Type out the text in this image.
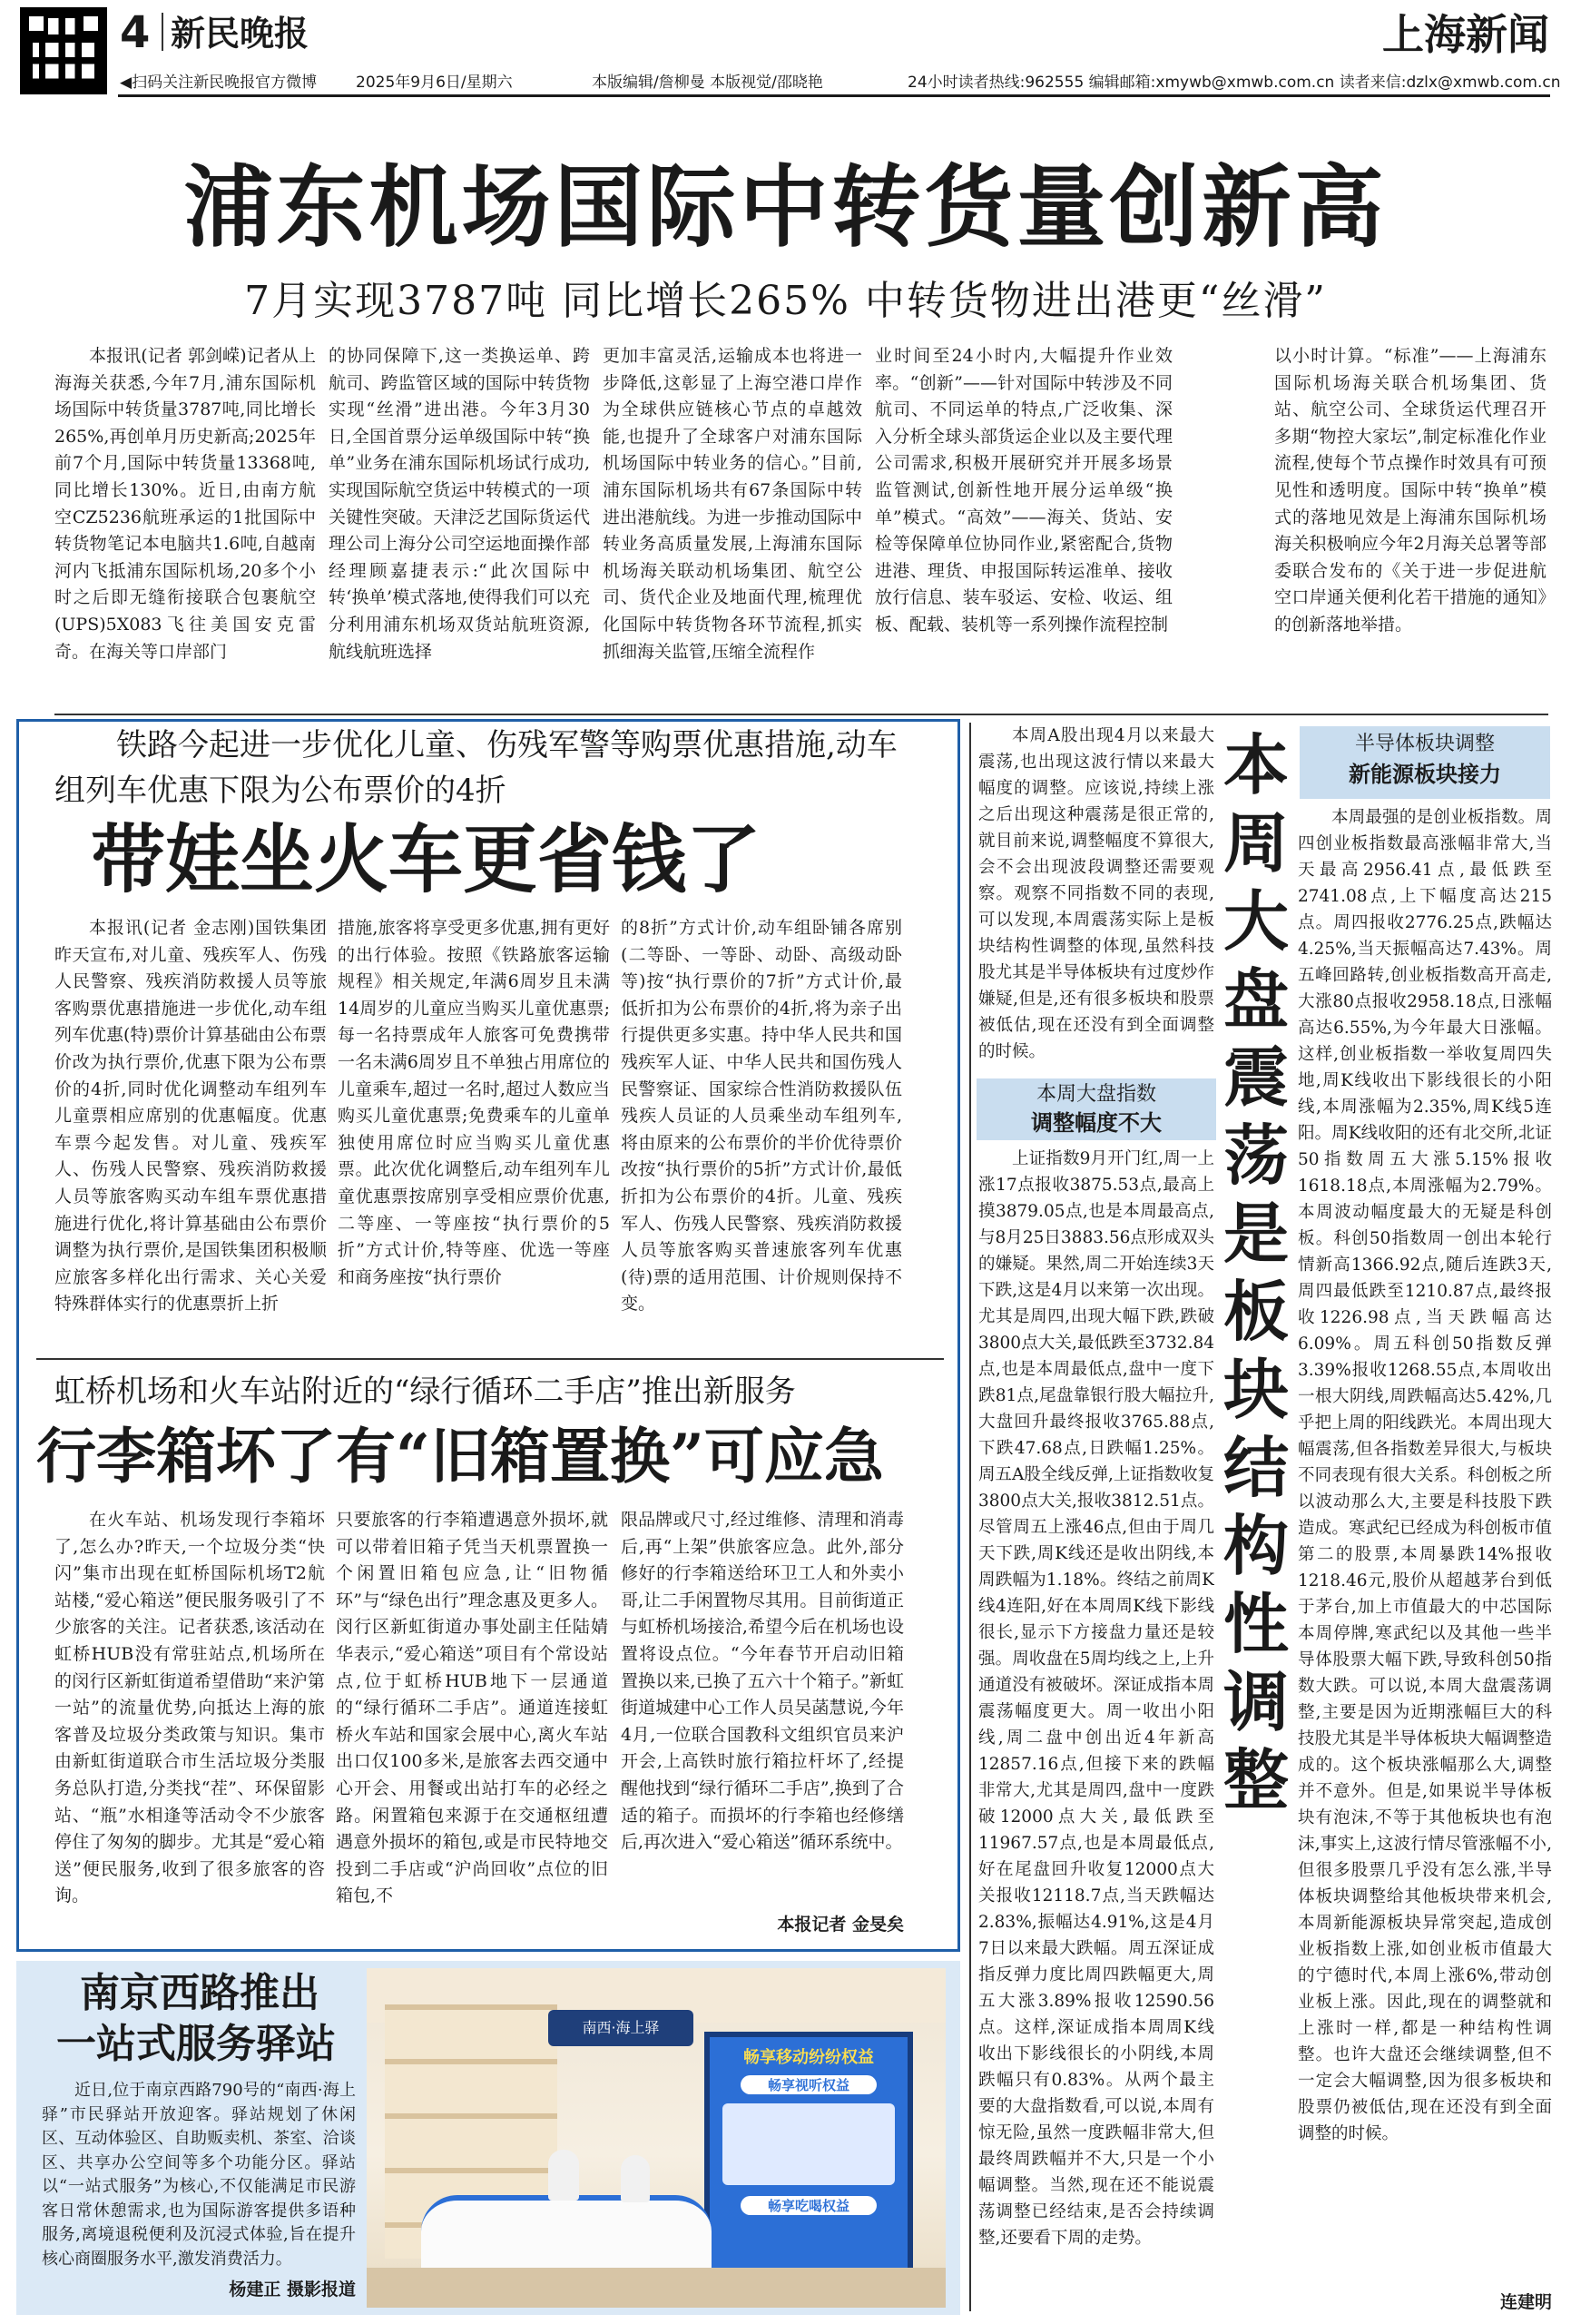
4 新民晚报	上海新闻
◀扫码关注新民晚报官方微博	2025年9月6日/星期六	本版编辑/詹柳曼 本版视觉/邵晓艳	24小时读者热线:962555 编辑邮箱:xmywb@xmwb.com.cn 读者来信:dzlx@xmwb.com.cn
浦东机场国际中转货量创新高
7月实现3787吨 同比增长265% 中转货物进出港更“丝滑”

本报讯(记者 郭剑嵘)记者从上海海关获悉,今年7月,浦东国际机场国际中转货量3787吨,同比增长265%,再创单月历史新高;2025年前7个月,国际中转货量13368吨,同比增长130%。近日,由南方航空CZ5236航班承运的1批国际中转货物笔记本电脑共1.6吨,自越南河内飞抵浦东国际机场,20多个小时之后即无缝衔接联合包裹航空(UPS)5X083飞往美国安克雷奇。在海关等口岸部门

的协同保障下,这一类换运单、跨航司、跨监管区域的国际中转货物实现“丝滑”进出港。今年3月30日,全国首票分运单级国际中转“换单”业务在浦东国际机场试行成功,实现国际航空货运中转模式的一项关键性突破。天津泛艺国际货运代理公司上海分公司空运地面操作部经理顾嘉捷表示:“此次国际中转‘换单’模式落地,使得我们可以充分利用浦东机场双货站航班资源,航线航班选择

更加丰富灵活,运输成本也将进一步降低,这彰显了上海空港口岸作为全球供应链核心节点的卓越效能,也提升了全球客户对浦东国际机场国际中转业务的信心。”目前,浦东国际机场共有67条国际中转进出港航线。为进一步推动国际中转业务高质量发展,上海浦东国际机场海关联动机场集团、航空公司、货代企业及地面代理,梳理优化国际中转货物各环节流程,抓实抓细海关监管,压缩全流程作

业时间至24小时内,大幅提升作业效率。“创新”——针对国际中转涉及不同航司、不同运单的特点,广泛收集、深入分析全球头部货运企业以及主要代理公司需求,积极开展研究并开展多场景监管测试,创新性地开展分运单级“换单”模式。“高效”——海关、货站、安检等保障单位协同作业,紧密配合,货物进港、理货、申报国际转运准单、接收放行信息、装车驳运、安检、收运、组板、配载、装机等一系列操作流程控制

以小时计算。“标准”——上海浦东国际机场海关联合机场集团、货站、航空公司、全球货运代理召开多期“物控大家坛”,制定标准化作业流程,使每个节点操作时效具有可预见性和透明度。国际中转“换单”模式的落地见效是上海浦东国际机场海关积极响应今年2月海关总署等部委联合发布的《关于进一步促进航空口岸通关便利化若干措施的通知》的创新落地举措。

铁路今起进一步优化儿童、伤残军警等购票优惠措施,动车组列车优惠下限为公布票价的4折
带娃坐火车更省钱了

本报讯(记者 金志刚)国铁集团昨天宣布,对儿童、残疾军人、伤残人民警察、残疾消防救援人员等旅客购票优惠措施进一步优化,动车组列车优惠(特)票价计算基础由公布票价改为执行票价,优惠下限为公布票价的4折,同时优化调整动车组列车儿童票相应席别的优惠幅度。优惠车票今起发售。对儿童、残疾军人、伤残人民警察、残疾消防救援人员等旅客购买动车组车票优惠措施进行优化,将计算基础由公布票价调整为执行票价,是国铁集团积极顺应旅客多样化出行需求、关心关爱特殊群体实行的优惠票折上折

措施,旅客将享受更多优惠,拥有更好的出行体验。按照《铁路旅客运输规程》相关规定,年满6周岁且未满14周岁的儿童应当购买儿童优惠票;每一名持票成年人旅客可免费携带一名未满6周岁且不单独占用席位的儿童乘车,超过一名时,超过人数应当购买儿童优惠票;免费乘车的儿童单独使用席位时应当购买儿童优惠票。此次优化调整后,动车组列车儿童优惠票按席别享受相应票价优惠,二等座、一等座按“执行票价的5折”方式计价,特等座、优选一等座和商务座按“执行票价

的8折”方式计价,动车组卧铺各席别(二等卧、一等卧、动卧、高级动卧等)按“执行票价的7折”方式计价,最低折扣为公布票价的4折,将为亲子出行提供更多实惠。持中华人民共和国残疾军人证、中华人民共和国伤残人民警察证、国家综合性消防救援队伍残疾人员证的人员乘坐动车组列车,将由原来的公布票价的半价优待票价改按“执行票价的5折”方式计价,最低折扣为公布票价的4折。儿童、残疾军人、伤残人民警察、残疾消防救援人员等旅客购买普速旅客列车优惠(待)票的适用范围、计价规则保持不变。

虹桥机场和火车站附近的“绿行循环二手店”推出新服务
行李箱坏了有“旧箱置换”可应急

在火车站、机场发现行李箱坏了,怎么办?昨天,一个垃圾分类“快闪”集市出现在虹桥国际机场T2航站楼,“爱心箱送”便民服务吸引了不少旅客的关注。记者获悉,该活动在虹桥HUB没有常驻站点,机场所在的闵行区新虹街道希望借助“来沪第一站”的流量优势,向抵达上海的旅客普及垃圾分类政策与知识。集市由新虹街道联合市生活垃圾分类服务总队打造,分类找“茬”、环保留影站、“瓶”水相逢等活动令不少旅客停住了匆匆的脚步。尤其是“爱心箱送”便民服务,收到了很多旅客的咨询。

只要旅客的行李箱遭遇意外损坏,就可以带着旧箱子凭当天机票置换一个闲置旧箱包应急,让“旧物循环”与“绿色出行”理念惠及更多人。闵行区新虹街道办事处副主任陆婧华表示,“爱心箱送”项目有个常设站点,位于虹桥HUB地下一层通道的“绿行循环二手店”。通道连接虹桥火车站和国家会展中心,离火车站出口仅100多米,是旅客去西交通中心开会、用餐或出站打车的必经之路。闲置箱包来源于在交通枢纽遭遇意外损坏的箱包,或是市民特地交投到二手店或“沪尚回收”点位的旧箱包,不

限品牌或尺寸,经过维修、清理和消毒后,再“上架”供旅客应急。此外,部分修好的行李箱送给环卫工人和外卖小哥,让二手闲置物尽其用。目前街道正与虹桥机场接洽,希望今后在机场也设置将设点位。“今年春节开启动旧箱置换以来,已换了五六十个箱子。”新虹街道城建中心工作人员吴菡慧说,今年4月,一位联合国教科文组织官员来沪开会,上高铁时旅行箱拉杆坏了,经提醒他找到“绿行循环二手店”,换到了合适的箱子。而损坏的行李箱也经修缮后,再次进入“爱心箱送”循环系统中。

本报记者 金旻矣
南京西路推出
一站式服务驿站

近日,位于南京西路790号的“南西·海上驿”市民驿站开放迎客。驿站规划了休闲区、互动体验区、自助贩卖机、茶室、洽谈区、共享办公空间等多个功能分区。驿站以“一站式服务”为核心,不仅能满足市民游客日常休憩需求,也为国际游客提供多语种服务,离境退税便利及沉浸式体验,旨在提升核心商圈服务水平,激发消费活力。

杨建正 摄影报道
南西·海上驿
畅享移动纷纷权益
畅享视听权益
畅享吃喝权益

本周A股出现4月以来最大震荡,也出现这波行情以来最大幅度的调整。应该说,持续上涨之后出现这种震荡是很正常的,就目前来说,调整幅度不算很大,会不会出现波段调整还需要观察。观察不同指数不同的表现,可以发现,本周震荡实际上是板块结构性调整的体现,虽然科技股尤其是半导体板块有过度炒作嫌疑,但是,还有很多板块和股票被低估,现在还没有到全面调整的时候。

本周大盘指数
调整幅度不大

上证指数9月开门红,周一上涨17点报收3875.53点,最高上摸3879.05点,也是本周最高点,与8月25日3883.56点形成双头的嫌疑。果然,周二开始连续3天下跌,这是4月以来第一次出现。尤其是周四,出现大幅下跌,跌破3800点大关,最低跌至3732.84点,也是本周最低点,盘中一度下跌81点,尾盘靠银行股大幅拉升,大盘回升最终报收3765.88点,下跌47.68点,日跌幅1.25%。周五A股全线反弹,上证指数收复3800点大关,报收3812.51点。尽管周五上涨46点,但由于周几天下跌,周K线还是收出阴线,本周跌幅为1.18%。终结之前周K线4连阳,好在本周周K线下影线很长,显示下方接盘力量还是较强。周收盘在5周均线之上,上升通道没有被破坏。深证成指本周震荡幅度更大。周一收出小阳线,周二盘中创出近4年新高12857.16点,但接下来的跌幅非常大,尤其是周四,盘中一度跌破12000点大关,最低跌至11967.57点,也是本周最低点,好在尾盘回升收复12000点大关报收12118.7点,当天跌幅达2.83%,振幅达4.91%,这是4月7日以来最大跌幅。周五深证成指反弹力度比周四跌幅更大,周五大涨3.89%报收12590.56点。这样,深证成指本周周K线收出下影线很长的小阴线,本周跌幅只有0.83%。从两个最主要的大盘指数看,可以说,本周有惊无险,虽然一度跌幅非常大,但最终周跌幅并不大,只是一个小幅调整。当然,现在还不能说震荡调整已经结束,是否会持续调整,还要看下周的走势。

本周大盘震荡是板块结构性调整
半导体板块调整
新能源板块接力

本周最强的是创业板指数。周四创业板指数最高涨幅非常大,当天最高2956.41点,最低跌至2741.08点,上下幅度高达215点。周四报收2776.25点,跌幅达4.25%,当天振幅高达7.43%。周五峰回路转,创业板指数高开高走,大涨80点报收2958.18点,日涨幅高达6.55%,为今年最大日涨幅。这样,创业板指数一举收复周四失地,周K线收出下影线很长的小阳线,本周涨幅为2.35%,周K线5连阳。周K线收阳的还有北交所,北证50指数周五大涨5.15%报收1618.18点,本周涨幅为2.79%。本周波动幅度最大的无疑是科创板。科创50指数周一创出本轮行情新高1366.92点,随后连跌3天,周四最低跌至1210.87点,最终报收1226.98点,当天跌幅高达6.09%。周五科创50指数反弹3.39%报收1268.55点,本周收出一根大阴线,周跌幅高达5.42%,几乎把上周的阳线跌光。本周出现大幅震荡,但各指数差异很大,与板块不同表现有很大关系。科创板之所以波动那么大,主要是科技股下跌造成。寒武纪已经成为科创板市值第二的股票,本周暴跌14%报收1218.46元,股价从超越茅台到低于茅台,加上市值最大的中芯国际本周停牌,寒武纪以及其他一些半导体股票大幅下跌,导致科创50指数大跌。可以说,本周大盘震荡调整,主要是因为近期涨幅巨大的科技股尤其是半导体板块大幅调整造成的。这个板块涨幅那么大,调整并不意外。但是,如果说半导体板块有泡沫,不等于其他板块也有泡沫,事实上,这波行情尽管涨幅不小,但很多股票几乎没有怎么涨,半导体板块调整给其他板块带来机会,本周新能源板块异常突起,造成创业板指数上涨,如创业板市值最大的宁德时代,本周上涨6%,带动创业板上涨。因此,现在的调整就和上涨时一样,都是一种结构性调整。也许大盘还会继续调整,但不一定会大幅调整,因为很多板块和股票仍被低估,现在还没有到全面调整的时候。

连建明
